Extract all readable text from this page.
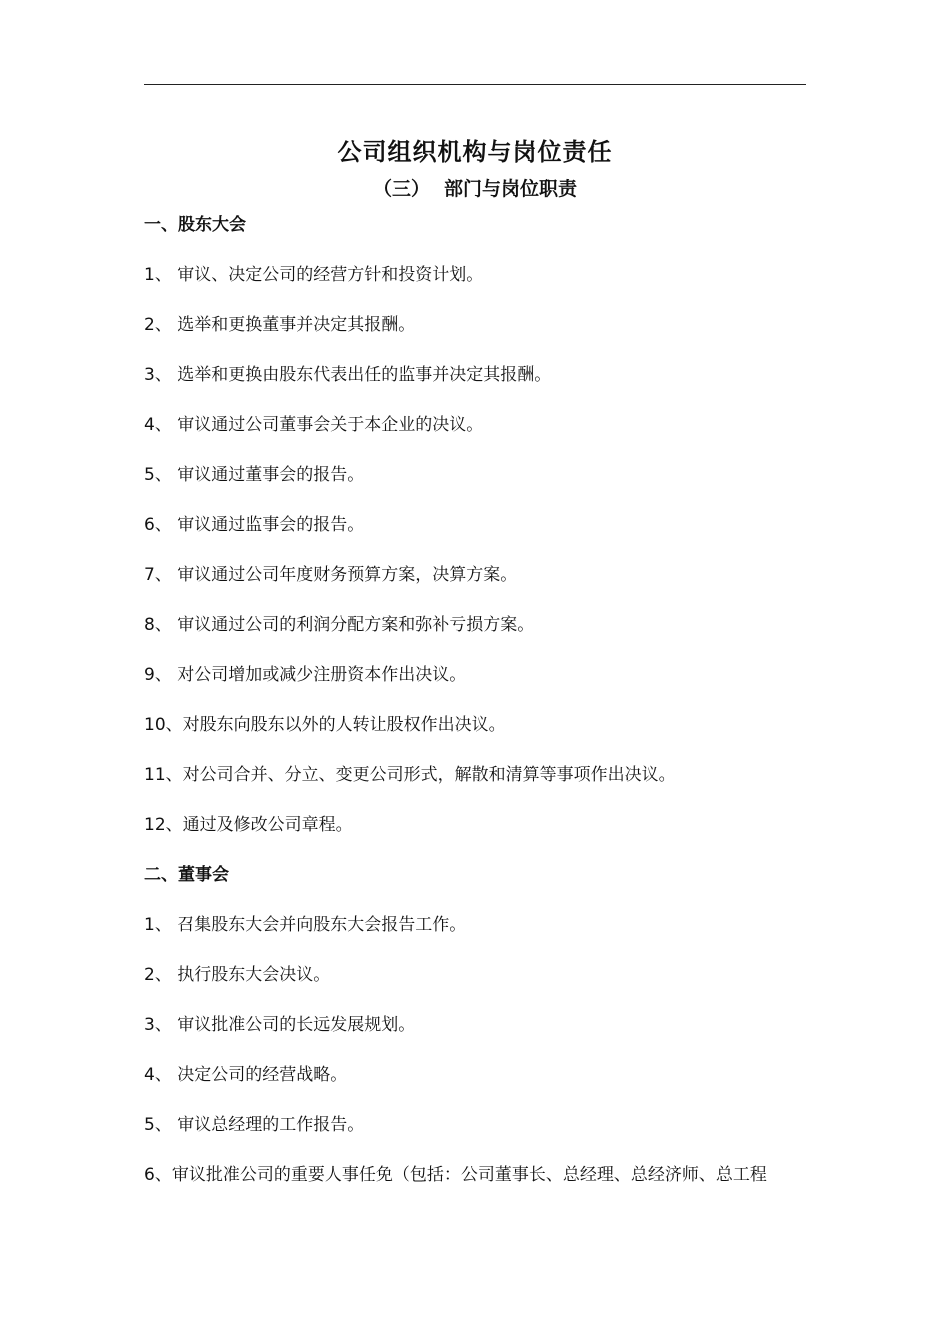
公司组织机构与岗位责任
（三） 部门与岗位职责
一、股东大会
1、 审议、决定公司的经营方针和投资计划。
2、 选举和更换董事并决定其报酬。
3、 选举和更换由股东代表出任的监事并决定其报酬。
4、 审议通过公司董事会关于本企业的决议。
5、 审议通过董事会的报告。
6、 审议通过监事会的报告。
7、 审议通过公司年度财务预算方案，决算方案。
8、 审议通过公司的利润分配方案和弥补亏损方案。
9、 对公司增加或减少注册资本作出决议。
10、对股东向股东以外的人转让股权作出决议。
11、对公司合并、分立、变更公司形式，解散和清算等事项作出决议。
12、通过及修改公司章程。
二、董事会
1、 召集股东大会并向股东大会报告工作。
2、 执行股东大会决议。
3、 审议批准公司的长远发展规划。
4、 决定公司的经营战略。
5、 审议总经理的工作报告。
6、审议批准公司的重要人事任免（包括：公司董事长、总经理、总经济师、总工程
